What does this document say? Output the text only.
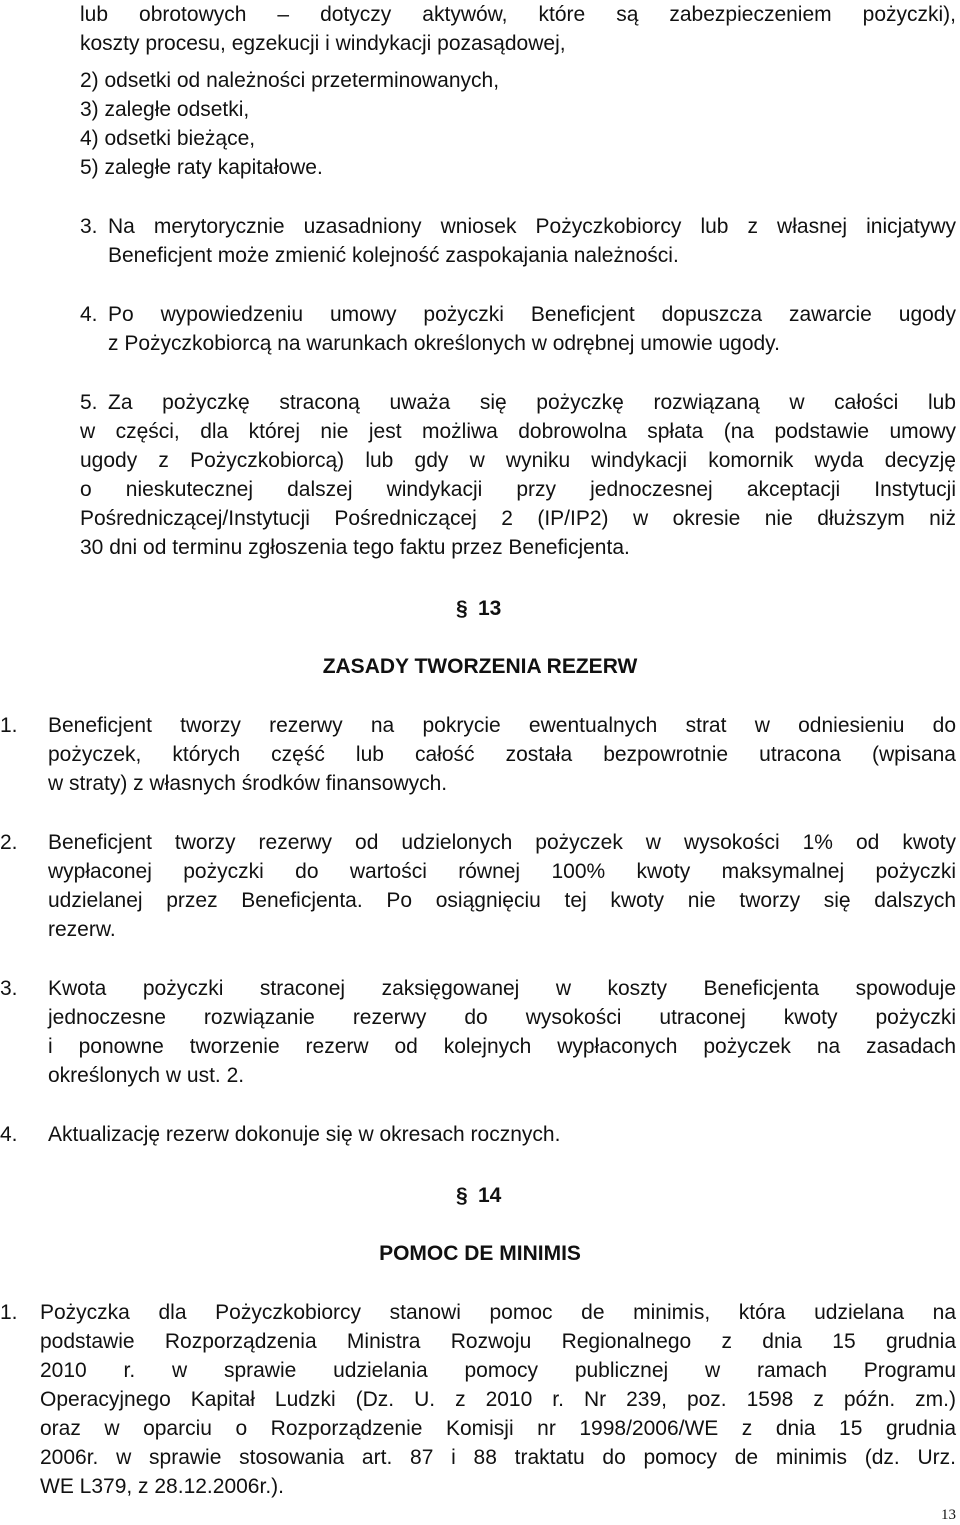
lub obrotowych – dotyczy aktywów, które są zabezpieczeniem pożyczki),
koszty procesu, egzekucji i windykacji pozasądowej,
2) odsetki od należności przeterminowanych,
3) zaległe odsetki,
4) odsetki bieżące,
5) zaległe raty kapitałowe.
3. Na merytorycznie uzasadniony wniosek Pożyczkobiorcy lub z własnej inicjatywy
Beneficjent może zmienić kolejność zaspokajania należności.
4. Po wypowiedzeniu umowy pożyczki Beneficjent dopuszcza zawarcie ugody
z Pożyczkobiorcą na warunkach określonych w odrębnej umowie ugody.
5. Za pożyczkę straconą uważa się pożyczkę rozwiązaną w całości lub
w części, dla której nie jest możliwa dobrowolna spłata (na podstawie umowy
ugody z Pożyczkobiorcą) lub gdy w wyniku windykacji komornik wyda decyzję
o nieskutecznej dalszej windykacji przy jednoczesnej akceptacji Instytucji
Pośredniczącej/Instytucji Pośredniczącej 2 (IP/IP2) w okresie nie dłuższym niż
30 dni od terminu zgłoszenia tego faktu przez Beneficjenta.
§ 13
ZASADY TWORZENIA REZERW
1. Beneficjent tworzy rezerwy na pokrycie ewentualnych strat w odniesieniu do
pożyczek, których część lub całość została bezpowrotnie utracona (wpisana
w straty) z własnych środków finansowych.
2. Beneficjent tworzy rezerwy od udzielonych pożyczek w wysokości 1% od kwoty
wypłaconej pożyczki do wartości równej 100% kwoty maksymalnej pożyczki
udzielanej przez Beneficjenta. Po osiągnięciu tej kwoty nie tworzy się dalszych
rezerw.
3. Kwota pożyczki straconej zaksięgowanej w koszty Beneficjenta spowoduje
jednoczesne rozwiązanie rezerwy do wysokości utraconej kwoty pożyczki
i ponowne tworzenie rezerw od kolejnych wypłaconych pożyczek na zasadach
określonych w ust. 2.
4. Aktualizację rezerw dokonuje się w okresach rocznych.
§ 14
POMOC DE MINIMIS
1. Pożyczka dla Pożyczkobiorcy stanowi pomoc de minimis, która udzielana na
podstawie Rozporządzenia Ministra Rozwoju Regionalnego z dnia 15 grudnia
2010 r. w sprawie udzielania pomocy publicznej w ramach Programu
Operacyjnego Kapitał Ludzki (Dz. U. z 2010 r. Nr 239, poz. 1598 z późn. zm.)
oraz w oparciu o Rozporządzenie Komisji nr 1998/2006/WE z dnia 15 grudnia
2006r. w sprawie stosowania art. 87 i 88 traktatu do pomocy de minimis (dz. Urz.
WE L379, z 28.12.2006r.).
13
